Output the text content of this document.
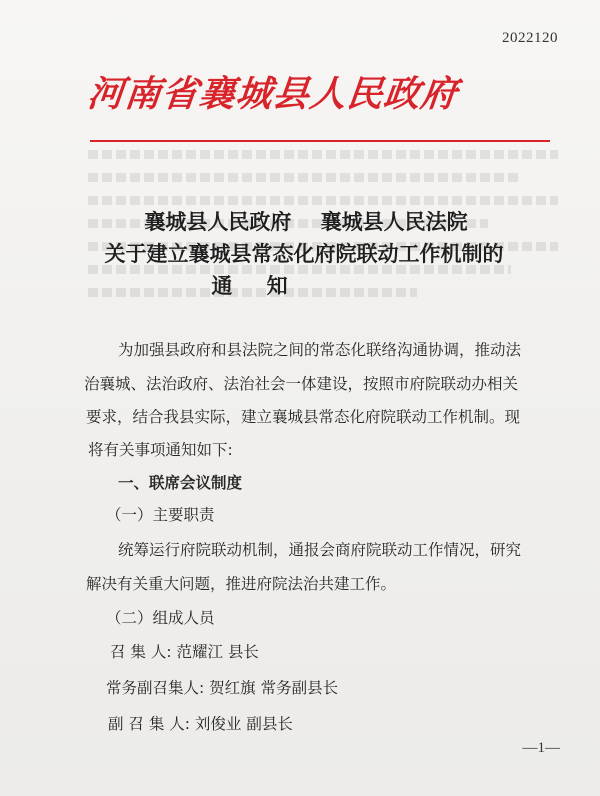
2022120
河南省襄城县人民政府
襄城县人民政府    襄城县人民法院
关于建立襄城县常态化府院联动工作机制的
通    知
为加强县政府和县法院之间的常态化联络沟通协调，推动法
治襄城、法治政府、法治社会一体建设，按照市府院联动办相关
要求，结合我县实际，建立襄城县常态化府院联动工作机制。现
将有关事项通知如下:
一、联席会议制度
（一）主要职责
统筹运行府院联动机制，通报会商府院联动工作情况，研究
解决有关重大问题，推进府院法治共建工作。
（二）组成人员
召 集 人: 范耀江 县长
常务副召集人: 贺红旗 常务副县长
副 召 集 人: 刘俊业 副县长
—1—
